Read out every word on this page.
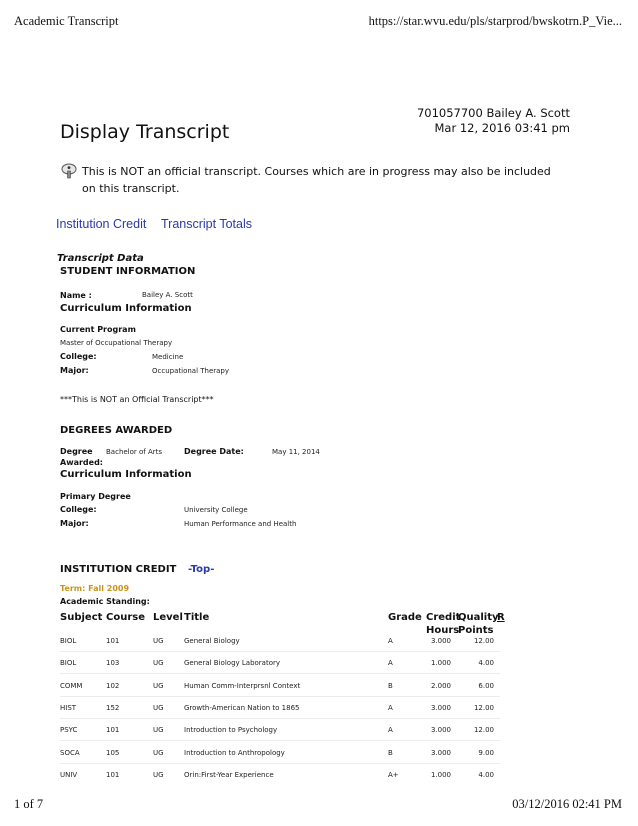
Academic Transcript	https://star.wvu.edu/pls/starprod/bwskotrn.P_Vie...
701057700 Bailey A. Scott
Mar 12, 2016 03:41 pm
Display Transcript
This is NOT an official transcript. Courses which are in progress may also be included on this transcript.
Institution Credit Transcript Totals
Transcript Data
STUDENT INFORMATION
Name :	Bailey A. Scott
Curriculum Information
Current Program
Master of Occupational Therapy
College:	Medicine
Major:	Occupational Therapy
***This is NOT an Official Transcript***
DEGREES AWARDED
Degree
Awarded:
Bachelor of Arts	Degree Date:	May 11, 2014
Curriculum Information
Primary Degree
College:	University College
Major:	Human Performance and Health
INSTITUTION CREDIT -Top-
Term: Fall 2009
Academic Standing:
Subject Course Level Title	Grade Credit
Hours
Quality
Points
R
BIOL	101	UG	General Biology	A	3.000	12.00
BIOL	103	UG	General Biology Laboratory	A	1.000	4.00
COMM	102	UG	Human Comm-Interprsnl Context	B	2.000	6.00
HIST	152	UG	Growth-American Nation to 1865	A	3.000	12.00
PSYC	101	UG	Introduction to Psychology	A	3.000	12.00
SOCA	105	UG	Introduction to Anthropology	B	3.000	9.00
UNIV	101	UG	Orin:First-Year Experience	A+	1.000	4.00
1 of 7	03/12/2016 02:41 PM
